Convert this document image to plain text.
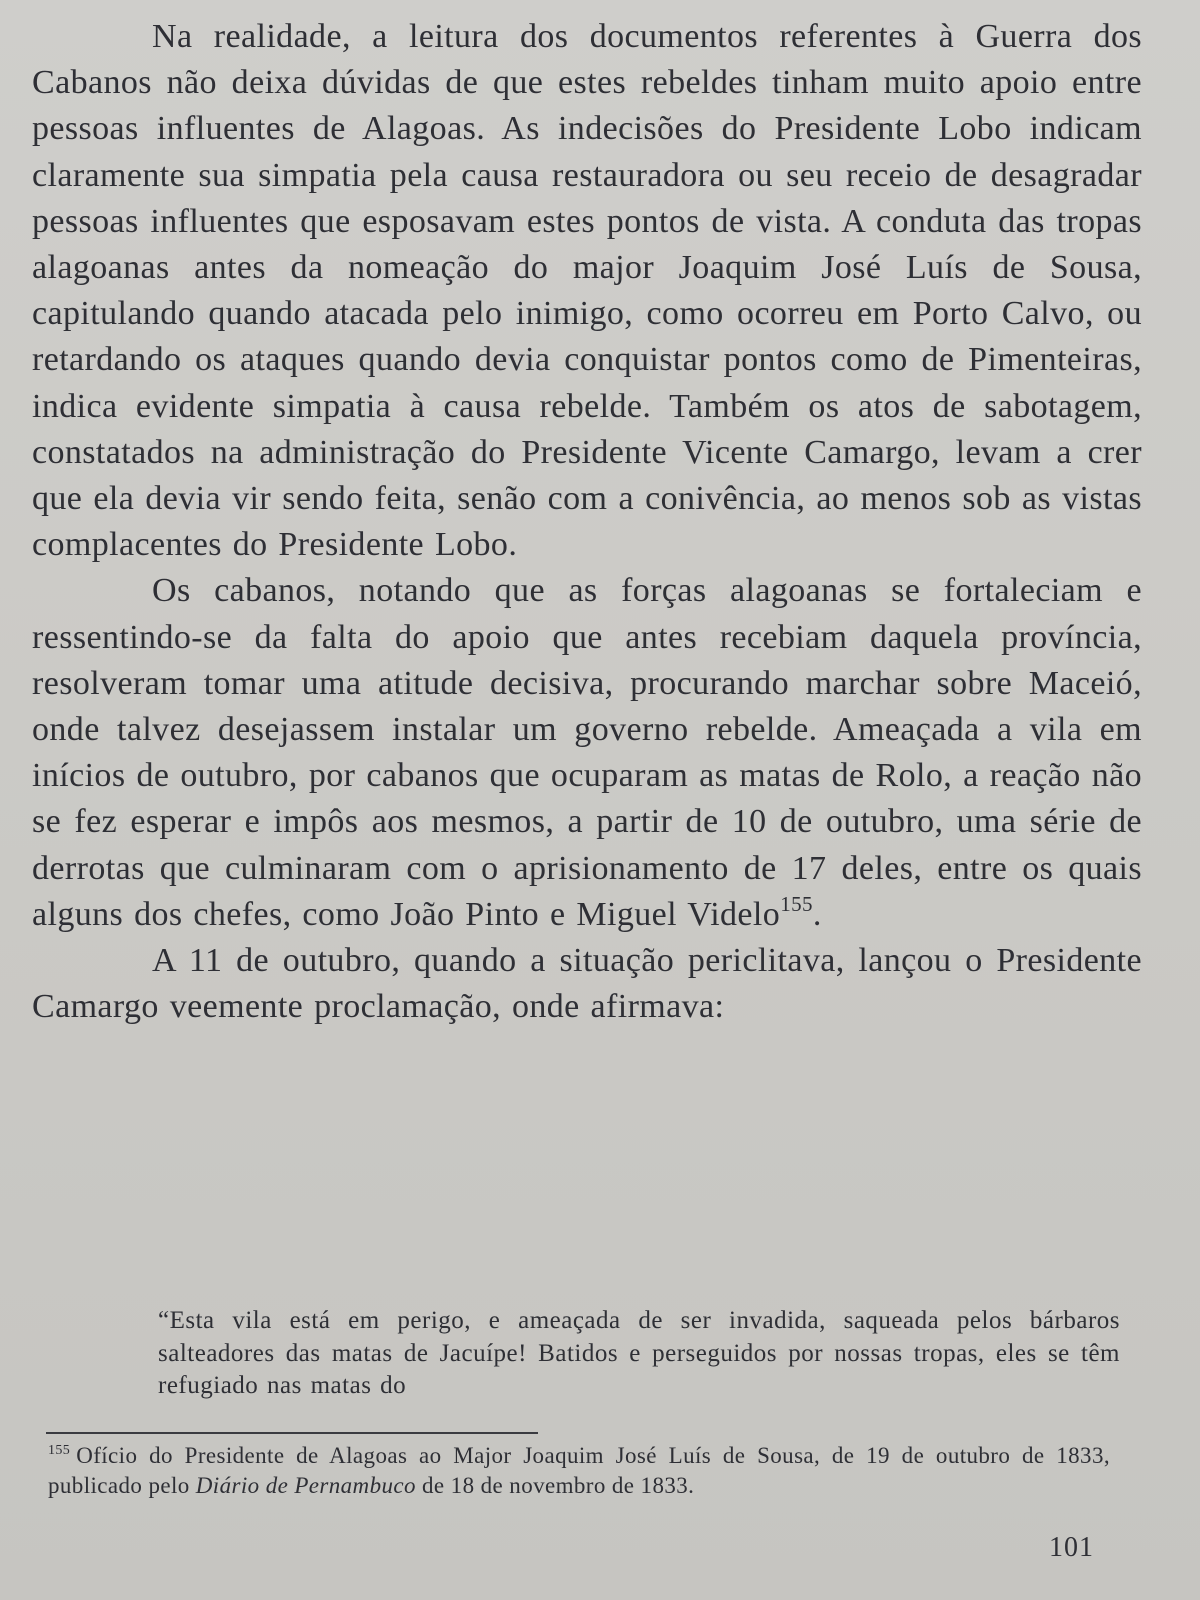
Na realidade, a leitura dos documentos referentes à Guerra dos Cabanos não deixa dúvidas de que estes rebeldes tinham muito apoio entre pessoas influentes de Alagoas. As indecisões do Presidente Lobo indicam claramente sua simpatia pela causa restauradora ou seu receio de desagradar pessoas influentes que esposavam estes pontos de vista. A conduta das tropas alagoanas antes da nomeação do major Joaquim José Luís de Sousa, capitulando quando atacada pelo inimigo, como ocorreu em Porto Calvo, ou retardando os ataques quando devia conquistar pontos como de Pimenteiras, indica evidente simpatia à causa rebelde. Também os atos de sabotagem, constatados na administração do Presidente Vicente Camargo, levam a crer que ela devia vir sendo feita, senão com a conivência, ao menos sob as vistas complacentes do Presidente Lobo.

Os cabanos, notando que as forças alagoanas se fortaleciam e ressentindo-se da falta do apoio que antes recebiam daquela província, resolveram tomar uma atitude decisiva, procurando marchar sobre Maceió, onde talvez desejassem instalar um governo rebelde. Ameaçada a vila em inícios de outubro, por cabanos que ocuparam as matas de Rolo, a reação não se fez esperar e impôs aos mesmos, a partir de 10 de outubro, uma série de derrotas que culminaram com o aprisionamento de 17 deles, entre os quais alguns dos chefes, como João Pinto e Miguel Videlo$^{155}$.

A 11 de outubro, quando a situação periclitava, lançou o Presidente Camargo veemente proclamação, onde afirmava:

“Esta vila está em perigo, e ameaçada de ser invadida, saqueada pelos bárbaros salteadores das matas de Jacuípe! Batidos e perseguidos por nossas tropas, eles se têm refugiado nas matas do
$^{155}$ Ofício do Presidente de Alagoas ao Major Joaquim José Luís de Sousa, de 19 de outubro de 1833, publicado pelo Diário de Pernambuco de 18 de novembro de 1833.
101
